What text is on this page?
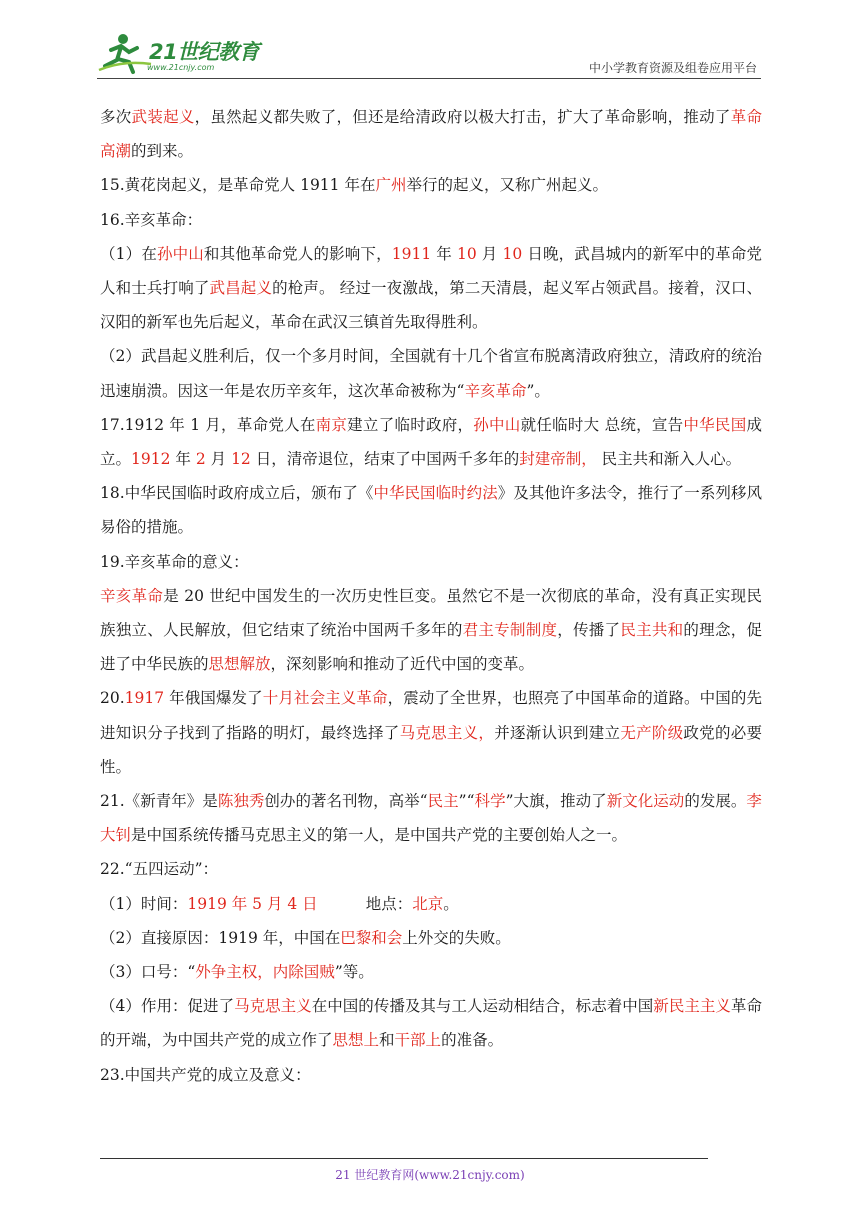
21世纪教育
www.21cnjy.com	中小学教育资源及组卷应用平台

多次武装起义，虽然起义都失败了，但还是给清政府以极大打击，扩大了革命影响，推动了革命高潮的到来。

15.黄花岗起义，是革命党人 1911 年在广州举行的起义，又称广州起义。

16.辛亥革命：

（1）在孙中山和其他革命党人的影响下，1911 年 10 月 10 日晚，武昌城内的新军中的革命党人和士兵打响了武昌起义的枪声。 经过一夜激战，第二天清晨，起义军占领武昌。接着，汉口、汉阳的新军也先后起义，革命在武汉三镇首先取得胜利。

（2）武昌起义胜利后，仅一个多月时间，全国就有十几个省宣布脱离清政府独立，清政府的统治迅速崩溃。因这一年是农历辛亥年，这次革命被称为“辛亥革命”。

17.1912 年 1 月，革命党人在南京建立了临时政府，孙中山就任临时大 总统，宣告中华民国成立。1912 年 2 月 12 日，清帝退位，结束了中国两千多年的封建帝制， 民主共和渐入人心。

18.中华民国临时政府成立后，颁布了《中华民国临时约法》及其他许多法令，推行了一系列移风易俗的措施。

19.辛亥革命的意义：

辛亥革命是 20 世纪中国发生的一次历史性巨变。虽然它不是一次彻底的革命，没有真正实现民族独立、人民解放，但它结束了统治中国两千多年的君主专制制度，传播了民主共和的理念，促进了中华民族的思想解放，深刻影响和推动了近代中国的变革。

20.1917 年俄国爆发了十月社会主义革命，震动了全世界，也照亮了中国革命的道路。中国的先进知识分子找到了指路的明灯，最终选择了马克思主义，并逐渐认识到建立无产阶级政党的必要性。

21.《新青年》是陈独秀创办的著名刊物，高举“民主”“科学”大旗，推动了新文化运动的发展。李大钊是中国系统传播马克思主义的第一人，是中国共产党的主要创始人之一。

22.“五四运动”：

（1）时间：1919 年 5 月 4 日	地点：北京。

（2）直接原因：1919 年，中国在巴黎和会上外交的失败。

（3）口号：“外争主权，内除国贼”等。

（4）作用：促进了马克思主义在中国的传播及其与工人运动相结合，标志着中国新民主主义革命的开端，为中国共产党的成立作了思想上和干部上的准备。

23.中国共产党的成立及意义：

21 世纪教育网(www.21cnjy.com)
